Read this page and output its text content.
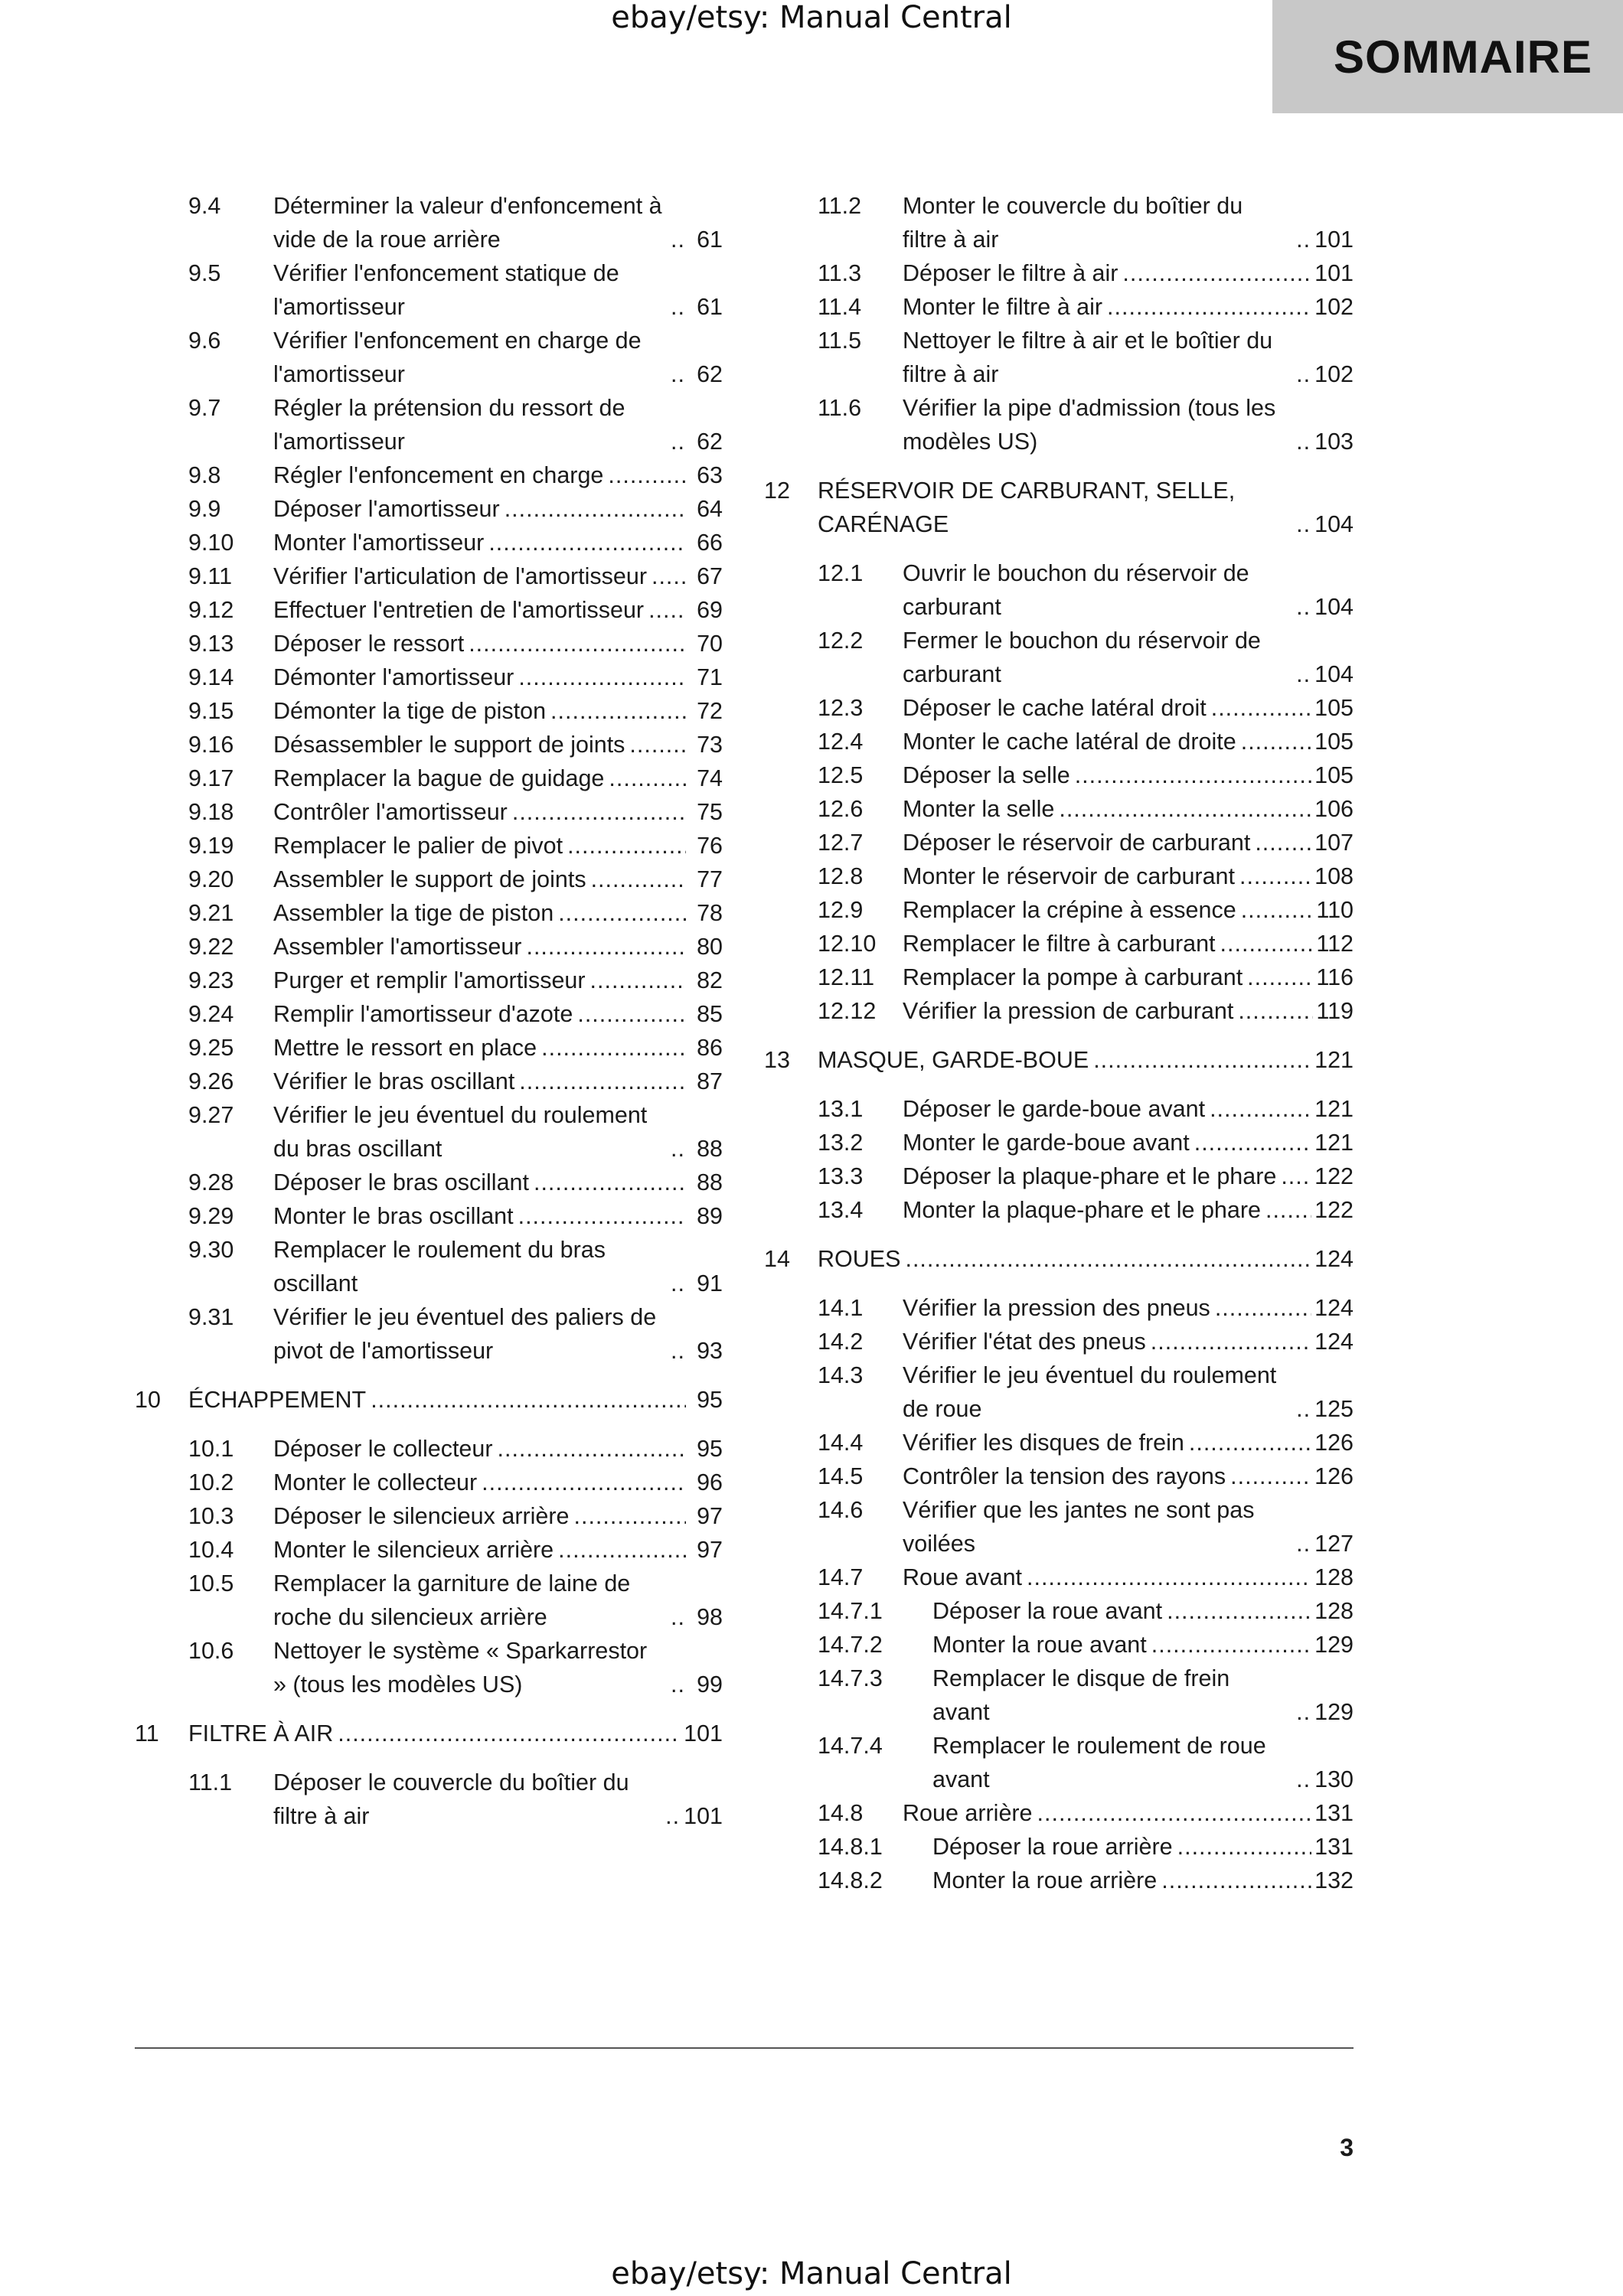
ebay/etsy: Manual Central
SOMMAIRE
9.4	Déterminer la valeur d'enfoncement à vide de la roue arrière .....	61
9.5	Vérifier l'enfoncement statique de l'amortisseur .....	61
9.6	Vérifier l'enfoncement en charge de l'amortisseur .....	62
9.7	Régler la prétension du ressort de l'amortisseur .....	62
9.8	Régler l'enfoncement en charge .....	63
9.9	Déposer l'amortisseur .....	64
9.10	Monter l'amortisseur .....	66
9.11	Vérifier l'articulation de l'amortisseur .....	67
9.12	Effectuer l'entretien de l'amortisseur .....	69
9.13	Déposer le ressort .....	70
9.14	Démonter l'amortisseur .....	71
9.15	Démonter la tige de piston .....	72
9.16	Désassembler le support de joints .....	73
9.17	Remplacer la bague de guidage .....	74
9.18	Contrôler l'amortisseur .....	75
9.19	Remplacer le palier de pivot .....	76
9.20	Assembler le support de joints .....	77
9.21	Assembler la tige de piston .....	78
9.22	Assembler l'amortisseur .....	80
9.23	Purger et remplir l'amortisseur .....	82
9.24	Remplir l'amortisseur d'azote .....	85
9.25	Mettre le ressort en place .....	86
9.26	Vérifier le bras oscillant .....	87
9.27	Vérifier le jeu éventuel du roulement du bras oscillant .....	88
9.28	Déposer le bras oscillant .....	88
9.29	Monter le bras oscillant .....	89
9.30	Remplacer le roulement du bras oscillant .....	91
9.31	Vérifier le jeu éventuel des paliers de pivot de l'amortisseur .....	93
10	ÉCHAPPEMENT .....	95
10.1	Déposer le collecteur .....	95
10.2	Monter le collecteur .....	96
10.3	Déposer le silencieux arrière .....	97
10.4	Monter le silencieux arrière .....	97
10.5	Remplacer la garniture de laine de roche du silencieux arrière .....	98
10.6	Nettoyer le système « Sparkarrestor » (tous les modèles US) .....	99
11	FILTRE À AIR .....	101
11.1	Déposer le couvercle du boîtier du filtre à air .....	101
11.2	Monter le couvercle du boîtier du filtre à air .....	101
11.3	Déposer le filtre à air .....	101
11.4	Monter le filtre à air .....	102
11.5	Nettoyer le filtre à air et le boîtier du filtre à air .....	102
11.6	Vérifier la pipe d'admission (tous les modèles US) .....	103
12	RÉSERVOIR DE CARBURANT, SELLE, CARÉNAGE .....	104
12.1	Ouvrir le bouchon du réservoir de carburant .....	104
12.2	Fermer le bouchon du réservoir de carburant .....	104
12.3	Déposer le cache latéral droit .....	105
12.4	Monter le cache latéral de droite .....	105
12.5	Déposer la selle .....	105
12.6	Monter la selle .....	106
12.7	Déposer le réservoir de carburant .....	107
12.8	Monter le réservoir de carburant .....	108
12.9	Remplacer la crépine à essence .....	110
12.10	Remplacer le filtre à carburant .....	112
12.11	Remplacer la pompe à carburant .....	116
12.12	Vérifier la pression de carburant .....	119
13	MASQUE, GARDE-BOUE .....	121
13.1	Déposer le garde-boue avant .....	121
13.2	Monter le garde-boue avant .....	121
13.3	Déposer la plaque-phare et le phare ..... 122
13.4	Monter la plaque-phare et le phare ..... 122
14	ROUES .....	124
14.1	Vérifier la pression des pneus .....	124
14.2	Vérifier l'état des pneus .....	124
14.3	Vérifier le jeu éventuel du roulement de roue .....	125
14.4	Vérifier les disques de frein .....	126
14.5	Contrôler la tension des rayons .....	126
14.6	Vérifier que les jantes ne sont pas voilées .....	127
14.7	Roue avant .....	128
14.7.1	Déposer la roue avant .....	128
14.7.2	Monter la roue avant .....	129
14.7.3	Remplacer le disque de frein avant .....	129
14.7.4	Remplacer le roulement de roue avant .....	130
14.8	Roue arrière .....	131
14.8.1	Déposer la roue arrière .....	131
14.8.2	Monter la roue arrière .....	132
3
ebay/etsy: Manual Central
